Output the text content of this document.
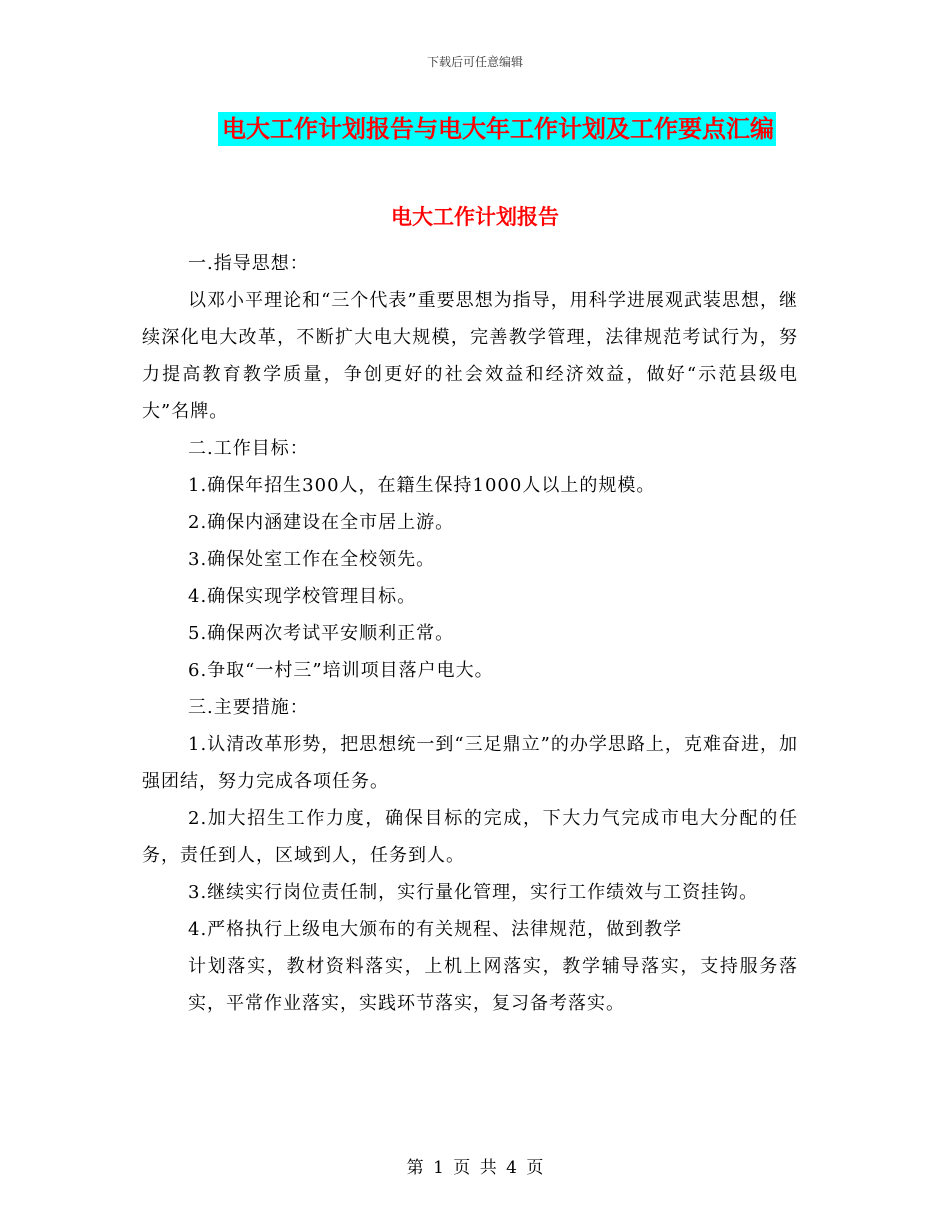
下载后可任意编辑
电大工作计划报告与电大年工作计划及工作要点汇编
电大工作计划报告

一.指导思想：

以邓小平理论和“三个代表”重要思想为指导，用科学进展观武装思想，继续深化电大改革，不断扩大电大规模，完善教学管理，法律规范考试行为，努力提高教育教学质量，争创更好的社会效益和经济效益，做好“示范县级电大”名牌。

二.工作目标：

1.确保年招生300人，在籍生保持1000人以上的规模。

2.确保内涵建设在全市居上游。

3.确保处室工作在全校领先。

4.确保实现学校管理目标。

5.确保两次考试平安顺利正常。

6.争取“一村三”培训项目落户电大。

三.主要措施：

1.认清改革形势，把思想统一到“三足鼎立”的办学思路上，克难奋进，加强团结，努力完成各项任务。

2.加大招生工作力度，确保目标的完成，下大力气完成市电大分配的任务，责任到人，区域到人，任务到人。

3.继续实行岗位责任制，实行量化管理，实行工作绩效与工资挂钩。

4.严格执行上级电大颁布的有关规程、法律规范，做到教学

计划落实，教材资料落实，上机上网落实，教学辅导落实，支持服务落实，平常作业落实，实践环节落实，复习备考落实。

第 1 页 共 4 页
